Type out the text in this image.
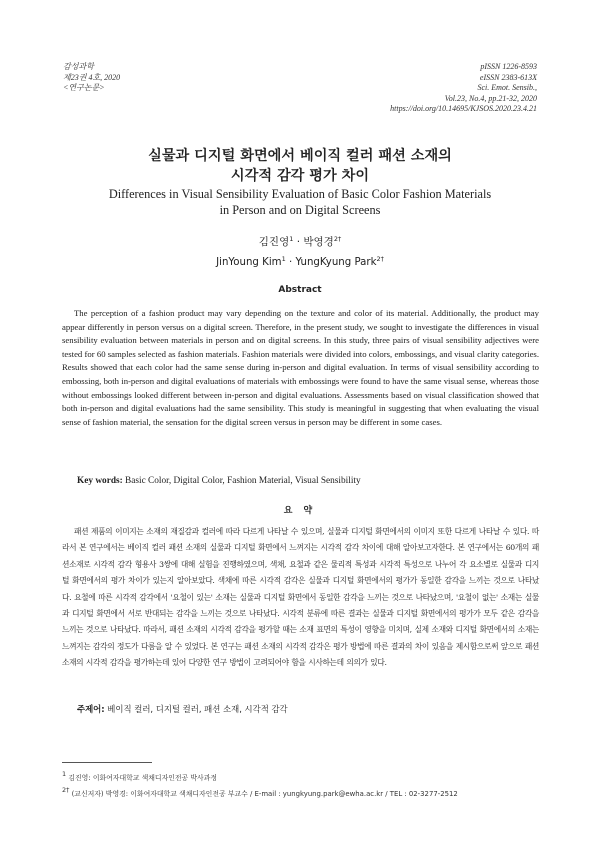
감성과학
제23권 4호, 2020
<연구논문>
pISSN 1226-8593
eISSN 2383-613X
Sci. Emot. Sensib.,
Vol.23, No.4, pp.21-32, 2020
https://doi.org/10.14695/KJSOS.2020.23.4.21
실물과 디지털 화면에서 베이직 컬러 패션 소재의
시각적 감각 평가 차이
Differences in Visual Sensibility Evaluation of Basic Color Fashion Materials
in Person and on Digital Screens
김진영$^1$ · 박영경$^{2\dagger}$
JinYoung Kim$^1$ · YungKyung Park$^{2\dagger}$
Abstract

The perception of a fashion product may vary depending on the texture and color of its material. Additionally, the product may appear differently in person versus on a digital screen. Therefore, in the present study, we sought to investigate the differences in visual sensibility evaluation between materials in person and on digital screens. In this study, three pairs of visual sensibility adjectives were tested for 60 samples selected as fashion materials. Fashion materials were divided into colors, embossings, and visual clarity categories. Results showed that each color had the same sense during in-person and digital evaluation. In terms of visual sensibility according to embossing, both in-person and digital evaluations of materials with embossings were found to have the same visual sense, whereas those without embossings looked different between in-person and digital evaluations. Assessments based on visual classification showed that both in-person and digital evaluations had the same sensibility. This study is meaningful in suggesting that when evaluating the visual sense of fashion material, the sensation for the digital screen versus in person may be different in some cases.

Key words: Basic Color, Digital Color, Fashion Material, Visual Sensibility
요 약

패션 제품의 이미지는 소재의 재질감과 컬러에 따라 다르게 나타날 수 있으며, 실물과 디지털 화면에서의 이미지 또한 다르게 나타날 수 있다. 따라서 본 연구에서는 베이직 컬러 패션 소재의 실물과 디지털 화면에서 느껴지는 시각적 감각 차이에 대해 알아보고자한다. 본 연구에서는 60개의 패션소재로 시각적 감각 형용사 3쌍에 대해 실험을 진행하였으며, 색채, 요철과 같은 물리적 특성과 시각적 특성으로 나누어 각 요소별로 실물과 디지털 화면에서의 평가 차이가 있는지 알아보았다. 색채에 따른 시각적 감각은 실물과 디지털 화면에서의 평가가 동일한 감각을 느끼는 것으로 나타났다. 요철에 따른 시각적 감각에서 '요철이 있는' 소재는 실물과 디지털 화면에서 동일한 감각을 느끼는 것으로 나타났으며, '요철이 없는' 소재는 실물과 디지털 화면에서 서로 반대되는 감각을 느끼는 것으로 나타났다. 시각적 분류에 따른 결과는 실물과 디지털 화면에서의 평가가 모두 같은 감각을 느끼는 것으로 나타났다. 따라서, 패션 소재의 시각적 감각을 평가할 때는 소재 표면의 특성이 영향을 미치며, 실제 소재와 디지털 화면에서의 소재는 느껴지는 감각의 정도가 다름을 알 수 있었다. 본 연구는 패션 소재의 시각적 감각은 평가 방법에 따른 결과의 차이 있음을 제시함으로써 앞으로 패션 소재의 시각적 감각을 평가하는데 있어 다양한 연구 방법이 고려되어야 함을 시사하는데 의의가 있다.

주제어: 베이직 컬러, 디지털 컬러, 패션 소재, 시각적 감각
$^1$ 김진영: 이화여자대학교 색채디자인전공 박사과정
$^{2\dagger}$ (교신저자) 박영경: 이화여자대학교 색채디자인전공 부교수 / E-mail : yungkyung.park@ewha.ac.kr / TEL : 02-3277-2512
